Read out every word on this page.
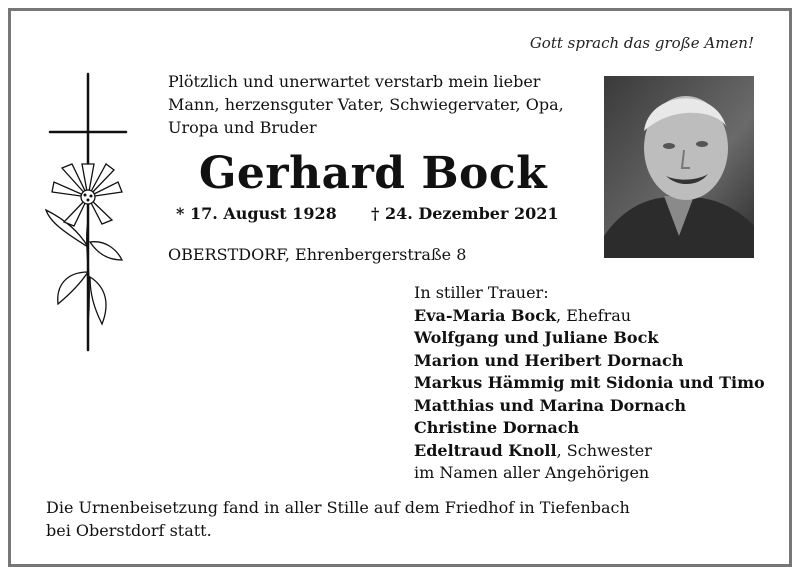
Gott sprach das große Amen!
Plötzlich und unerwartet verstarb mein lieber
Mann, herzensguter Vater, Schwiegervater, Opa,
Uropa und Bruder
Gerhard Bock
* 17. August 1928 † 24. Dezember 2021
OBERSTDORF, Ehrenbergerstraße 8
In stiller Trauer:
Eva-Maria Bock, Ehefrau
Wolfgang und Juliane Bock
Marion und Heribert Dornach
Markus Hämmig mit Sidonia und Timo
Matthias und Marina Dornach
Christine Dornach
Edeltraud Knoll, Schwester
im Namen aller Angehörigen
Die Urnenbeisetzung fand in aller Stille auf dem Friedhof in Tiefenbach
bei Oberstdorf statt.
